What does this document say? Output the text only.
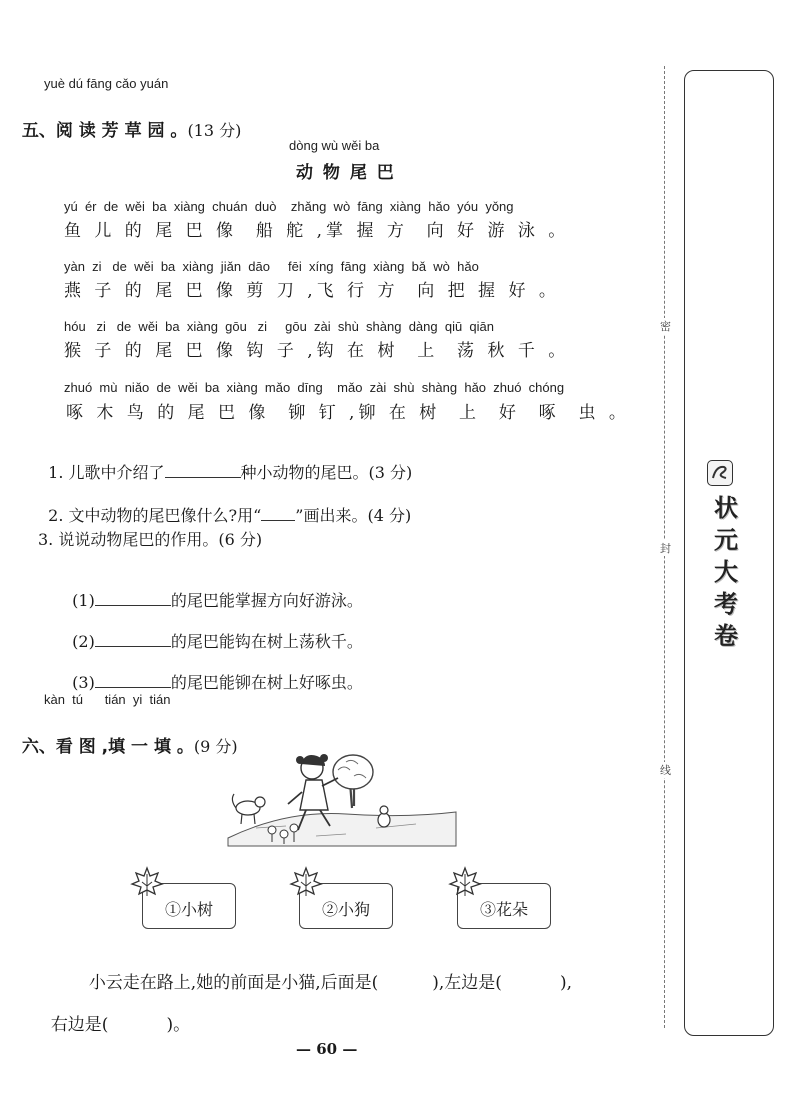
yuè dú fāng cǎo yuán

五、阅 读 芳 草 园 。(13 分)

dòng wù wěi ba
动 物 尾 巴
yú  ér  de  wěi  ba  xiàng  chuán  duò    zhǎng  wò  fāng  xiàng  hǎo  yóu  yǒng
鱼 儿 的 尾 巴 像  船 舵 ,掌 握 方  向 好 游 泳 。
yàn  zi   de  wěi  ba  xiàng  jiǎn  dāo     fēi  xíng  fāng  xiàng  bǎ  wò  hǎo
燕 子 的 尾 巴 像 剪 刀 ,飞 行 方  向 把 握 好 。
hóu   zi   de  wěi  ba  xiàng  gōu   zi     gōu  zài  shù  shàng  dàng  qiū  qiān
猴 子 的 尾 巴 像 钩 子 ,钩 在 树  上  荡 秋 千 。
zhuó  mù  niǎo  de  wěi  ba  xiàng  mǎo  dīng    mǎo  zài  shù  shàng  hǎo  zhuó  chóng
啄 木 鸟 的 尾 巴 像  铆 钉 ,铆 在 树  上  好  啄  虫 。

1. 儿歌中介绍了	种小动物的尾巴。(3 分)

2. 文中动物的尾巴像什么?用“ ”画出来。(4 分)

3. 说说动物尾巴的作用。(6 分)

(1)	的尾巴能掌握方向好游泳。

(2)	的尾巴能钩在树上荡秋千。

(3)	的尾巴能铆在树上好啄虫。

kàn  tú      tián  yi  tián

六、看 图 ,填 一 填 。(9 分)

①小树	②小狗	③花朵

小云走在路上,她的前面是小猫,后面是(	),左边是(	),

右边是(	)。

— 60 —
密
封
线
状元大考卷
